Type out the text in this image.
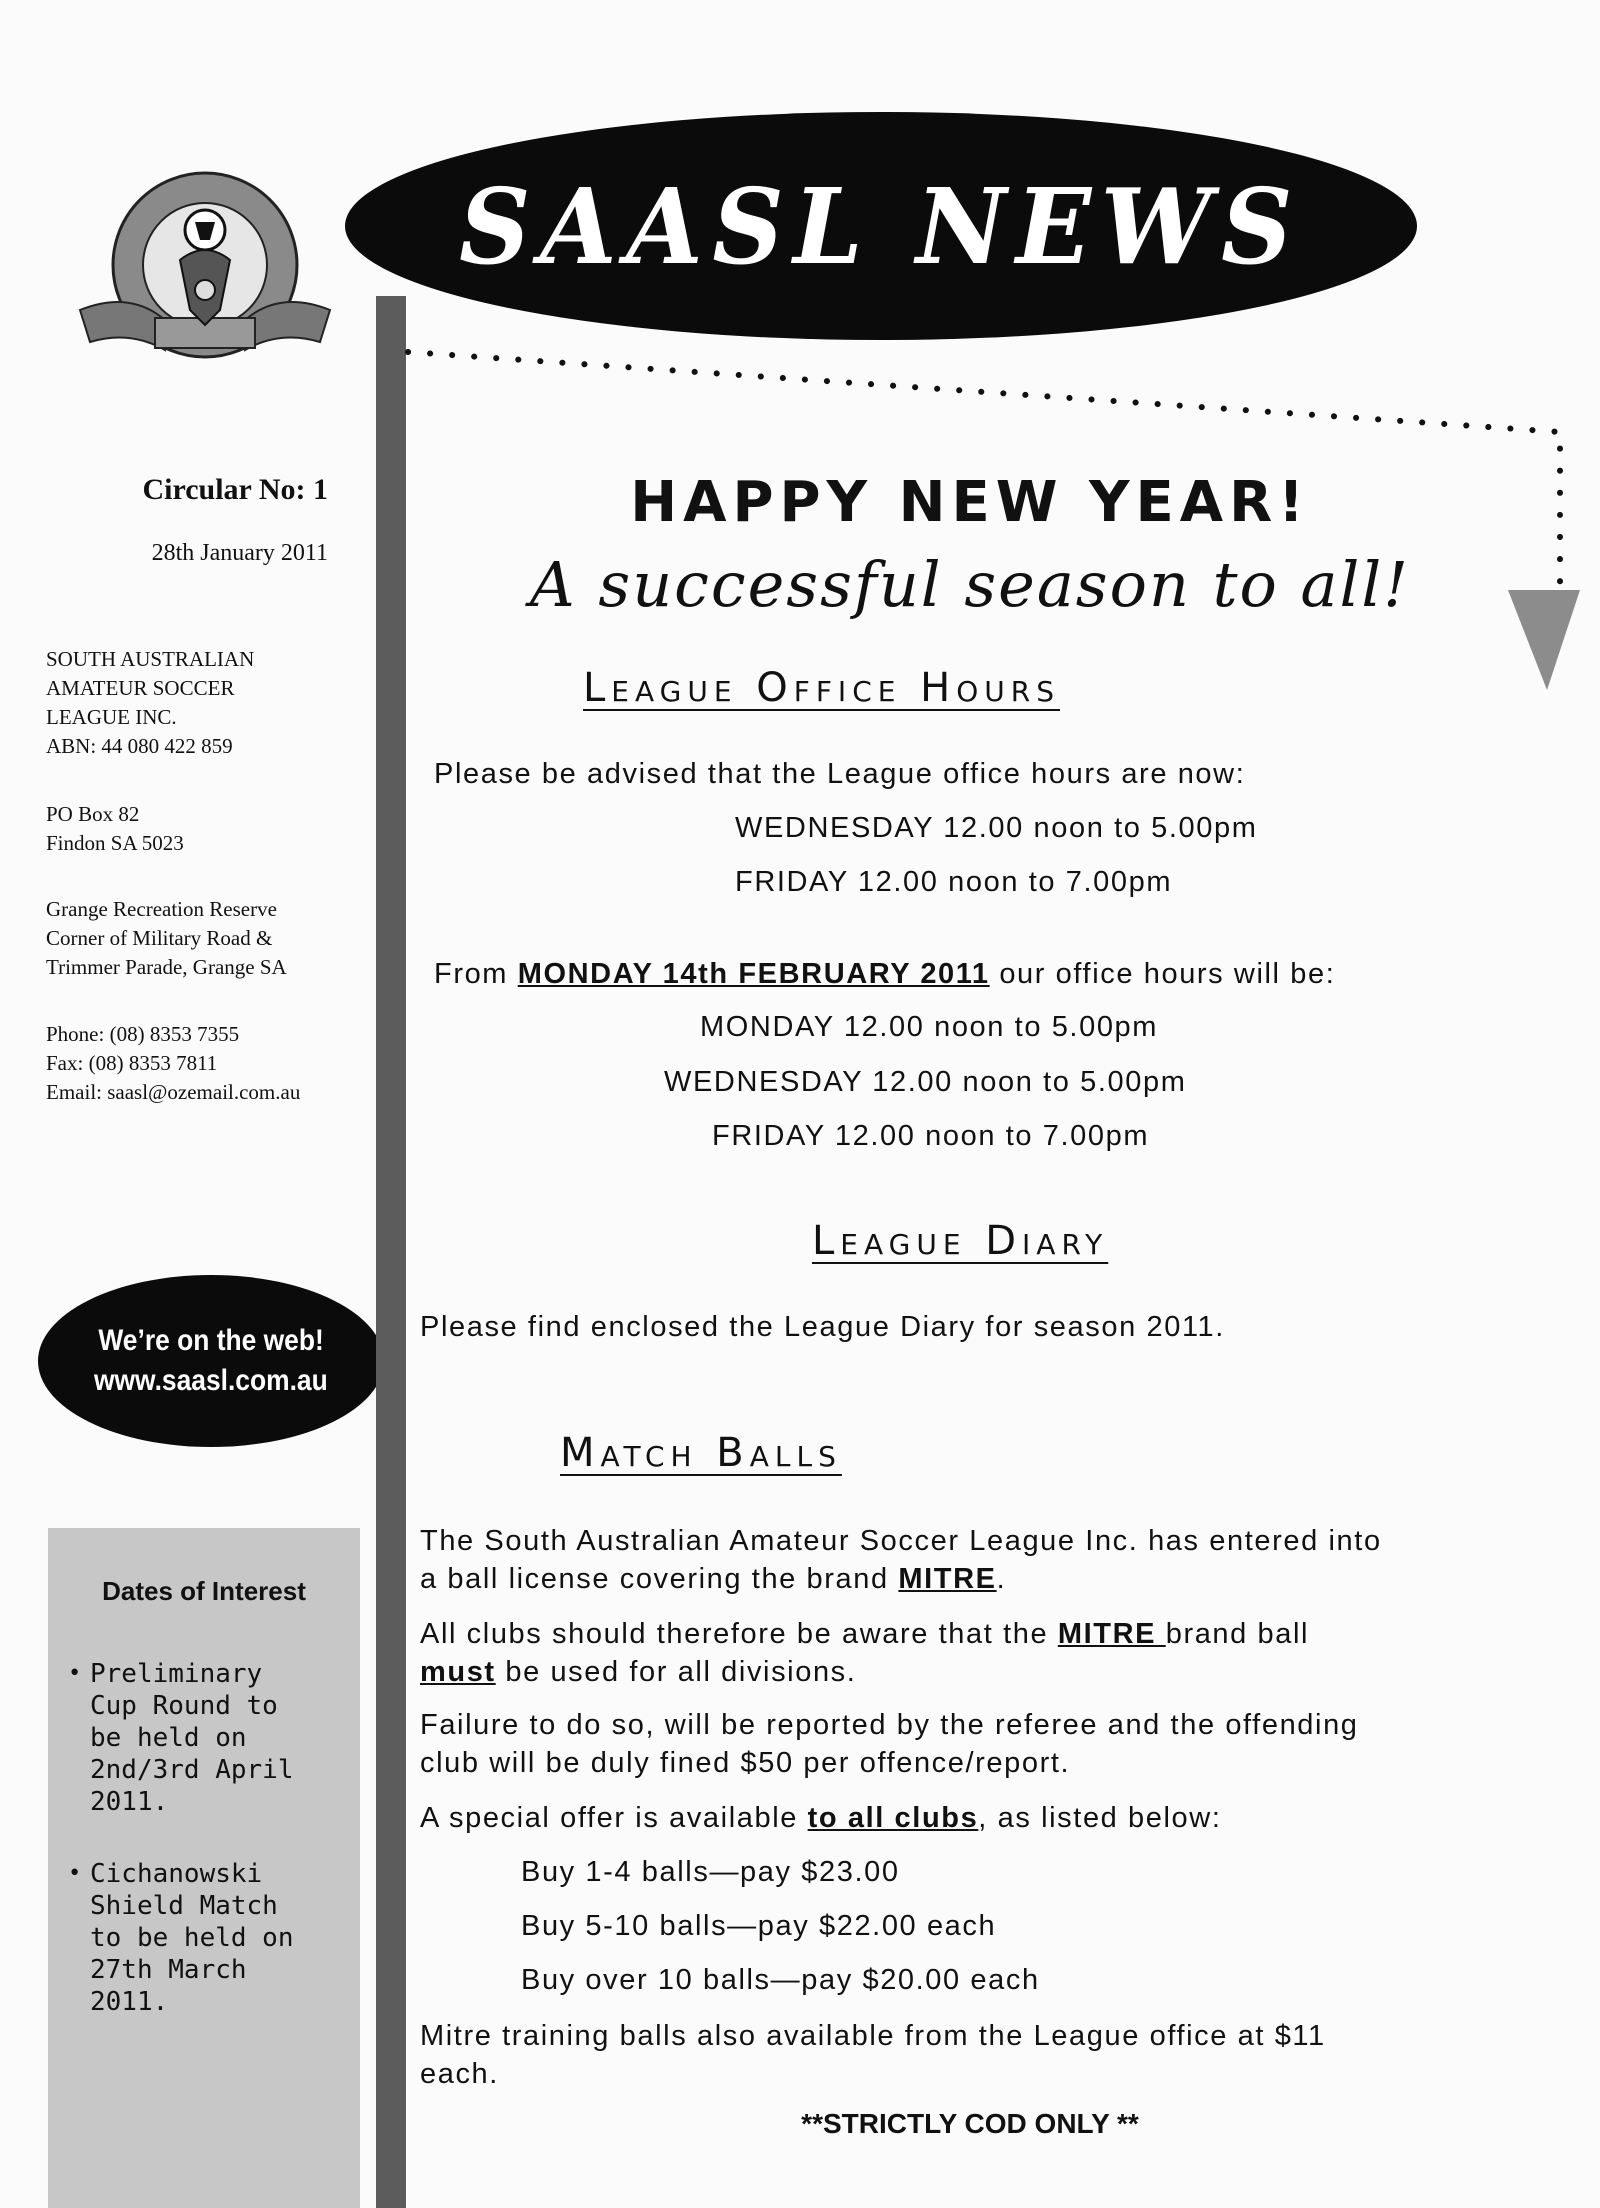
Circular No: 1
28th January 2011
SOUTH AUSTRALIAN
AMATEUR SOCCER
LEAGUE INC.
ABN: 44 080 422 859
PO Box 82
Findon SA 5023
Grange Recreation Reserve
Corner of Military Road &
Trimmer Parade, Grange SA
Phone: (08) 8353 7355
Fax: (08) 8353 7811
Email: saasl@ozemail.com.au
We’re on the web!
www.saasl.com.au
Dates of Interest
• Preliminary
Cup Round to
be held on
2nd/3rd April
2011.
• Cichanowski
Shield Match
to be held on
27th March
2011.
SAASL NEWS
HAPPY NEW YEAR!
A successful season to all!
League Office Hours
Please be advised that the League office hours are now:
WEDNESDAY 12.00 noon to 5.00pm
FRIDAY 12.00 noon to 7.00pm
From MONDAY 14th FEBRUARY 2011 our office hours will be:
MONDAY 12.00 noon to 5.00pm
WEDNESDAY 12.00 noon to 5.00pm
FRIDAY 12.00 noon to 7.00pm
League Diary
Please find enclosed the League Diary for season 2011.
Match Balls
The South Australian Amateur Soccer League Inc. has entered into
a ball license covering the brand MITRE.
All clubs should therefore be aware that the MITRE brand ball
must be used for all divisions.
Failure to do so, will be reported by the referee and the offending
club will be duly fined $50 per offence/report.
A special offer is available to all clubs, as listed below:
Buy 1-4 balls—pay $23.00
Buy 5-10 balls—pay $22.00 each
Buy over 10 balls—pay $20.00 each
Mitre training balls also available from the League office at $11
each.
**STRICTLY COD ONLY **
